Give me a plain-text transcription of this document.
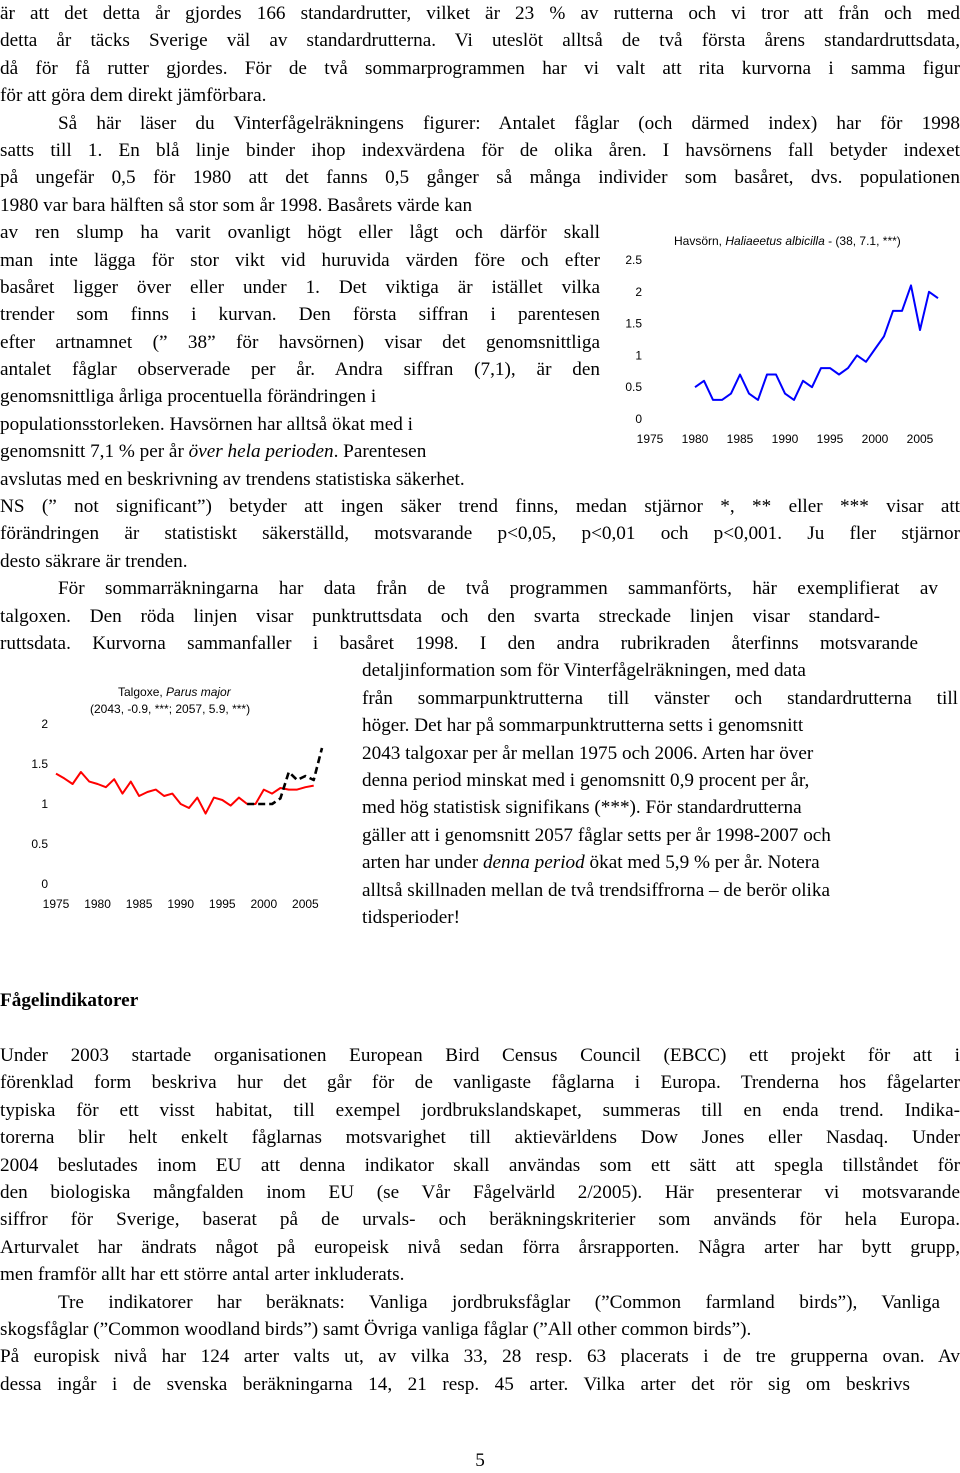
är att det detta år gjordes 166 standardrutter, vilket är 23 % av rutterna och vi tror att från och med
detta år täcks Sverige väl av standardrutterna. Vi uteslöt alltså de två första årens standardruttsdata,
då för få rutter gjordes. För de två sommarprogrammen har vi valt att rita kurvorna i samma figur
för att göra dem direkt jämförbara.
Så här läser du Vinterfågelräkningens figurer: Antalet fåglar (och därmed index) har för 1998
satts till 1. En blå linje binder ihop indexvärdena för de olika åren. I havsörnens fall betyder indexet
på ungefär 0,5 för 1980 att det fanns 0,5 gånger så många individer som basåret, dvs. populationen
1980 var bara hälften så stor som år 1998. Basårets värde kan
av ren slump ha varit ovanligt högt eller lågt och därför skall
man inte lägga för stor vikt vid huruvida värden före och efter
basåret ligger över eller under 1. Det viktiga är istället vilka
trender som finns i kurvan. Den första siffran i parentesen
efter artnamnet (” 38” för havsörnen) visar det genomsnittliga
antalet fåglar observerade per år. Andra siffran (7,1), är den
genomsnittliga årliga procentuella förändringen i
populationsstorleken. Havsörnen har alltså ökat med i
genomsnitt 7,1 % per år över hela perioden. Parentesen
avslutas med en beskrivning av trendens statistiska säkerhet.
NS (” not significant”) betyder att ingen säker trend finns, medan stjärnor *, ** eller *** visar att
förändringen är statistiskt säkerställd, motsvarande p<0,05, p<0,01 och p<0,001. Ju fler stjärnor
desto säkrare är trenden.
För sommarräkningarna har data från de två programmen sammanförts, här exemplifierat av
talgoxen. Den röda linjen visar punktruttsdata och den svarta streckade linjen visar standard-
ruttsdata. Kurvorna sammanfaller i basåret 1998. I den andra rubrikraden återfinns motsvarande
detaljinformation som för Vinterfågelräkningen, med data
från sommarpunktrutterna till vänster och standardrutterna till
höger. Det har på sommarpunktrutterna setts i genomsnitt
2043 talgoxar per år mellan 1975 och 2006. Arten har över
denna period minskat med i genomsnitt 0,9 procent per år,
med hög statistisk signifikans (***). För standardrutterna
gäller att i genomsnitt 2057 fåglar setts per år 1998-2007 och
arten har under denna period ökat med 5,9 % per år. Notera
alltså skillnaden mellan de två trendsiffrorna – de berör olika
tidsperioder!
Havsörn, Haliaeetus albicilla - (38, 7.1, ***)
0
0.5
1
1.5
2
2.5
1975 1980 1985 1990 1995 2000 2005
Talgoxe, Parus major
(2043, -0.9, ***; 2057, 5.9, ***)
0
0.5
1
1.5
2
1975 1980 1985 1990 1995 2000 2005
Fågelindikatorer
Under 2003 startade organisationen European Bird Census Council (EBCC) ett projekt för att i
förenklad form beskriva hur det går för de vanligaste fåglarna i Europa. Trenderna hos fågelarter
typiska för ett visst habitat, till exempel jordbrukslandskapet, summeras till en enda trend. Indika-
torerna blir helt enkelt fåglarnas motsvarighet till aktievärldens Dow Jones eller Nasdaq. Under
2004 beslutades inom EU att denna indikator skall användas som ett sätt att spegla tillståndet för
den biologiska mångfalden inom EU (se Vår Fågelvärld 2/2005). Här presenterar vi motsvarande
siffror för Sverige, baserat på de urvals- och beräkningskriterier som används för hela Europa.
Arturvalet har ändrats något på europeisk nivå sedan förra årsrapporten. Några arter har bytt grupp,
men framför allt har ett större antal arter inkluderats.
Tre indikatorer har beräknats: Vanliga jordbruksfåglar (”Common farmland birds”), Vanliga
skogsfåglar (”Common woodland birds”) samt Övriga vanliga fåglar (”All other common birds”).
På europisk nivå har 124 arter valts ut, av vilka 33, 28 resp. 63 placerats i de tre grupperna ovan. Av
dessa ingår i de svenska beräkningarna 14, 21 resp. 45 arter. Vilka arter det rör sig om beskrivs
5
